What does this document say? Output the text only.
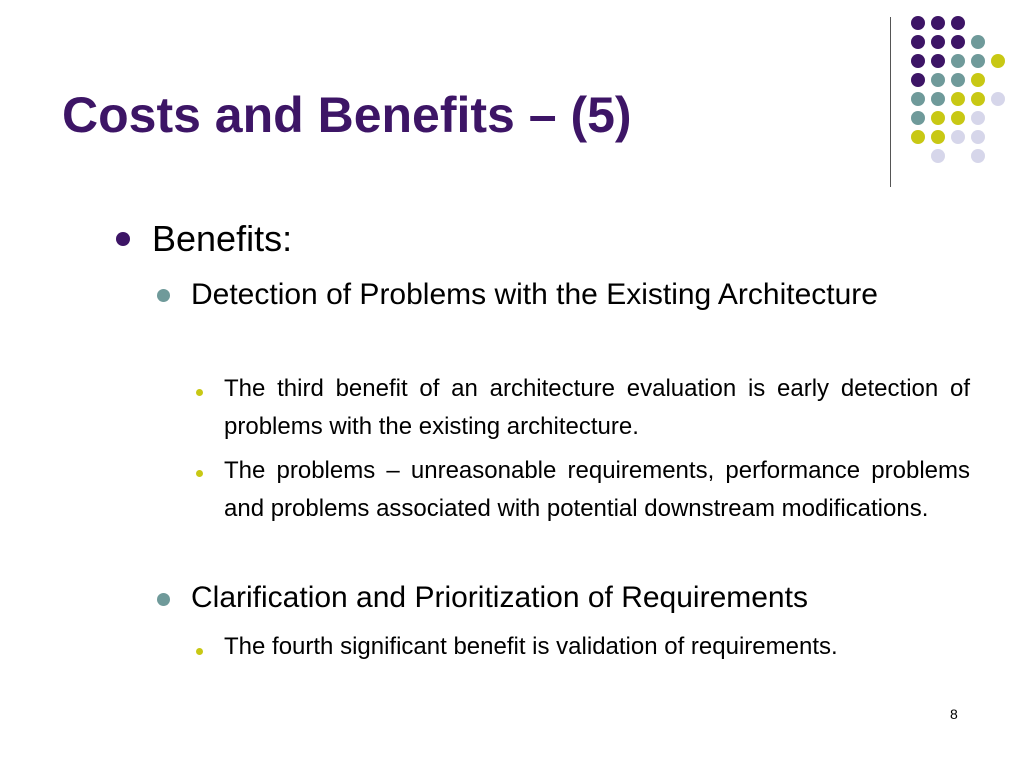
Costs and Benefits – (5)
Benefits:
Detection of Problems with the Existing Architecture
The third benefit of an architecture evaluation is early detection of problems with the existing architecture.
The problems – unreasonable requirements, performance problems and problems associated with potential downstream modifications.
Clarification and Prioritization of Requirements
The fourth significant benefit is validation of requirements.
8
